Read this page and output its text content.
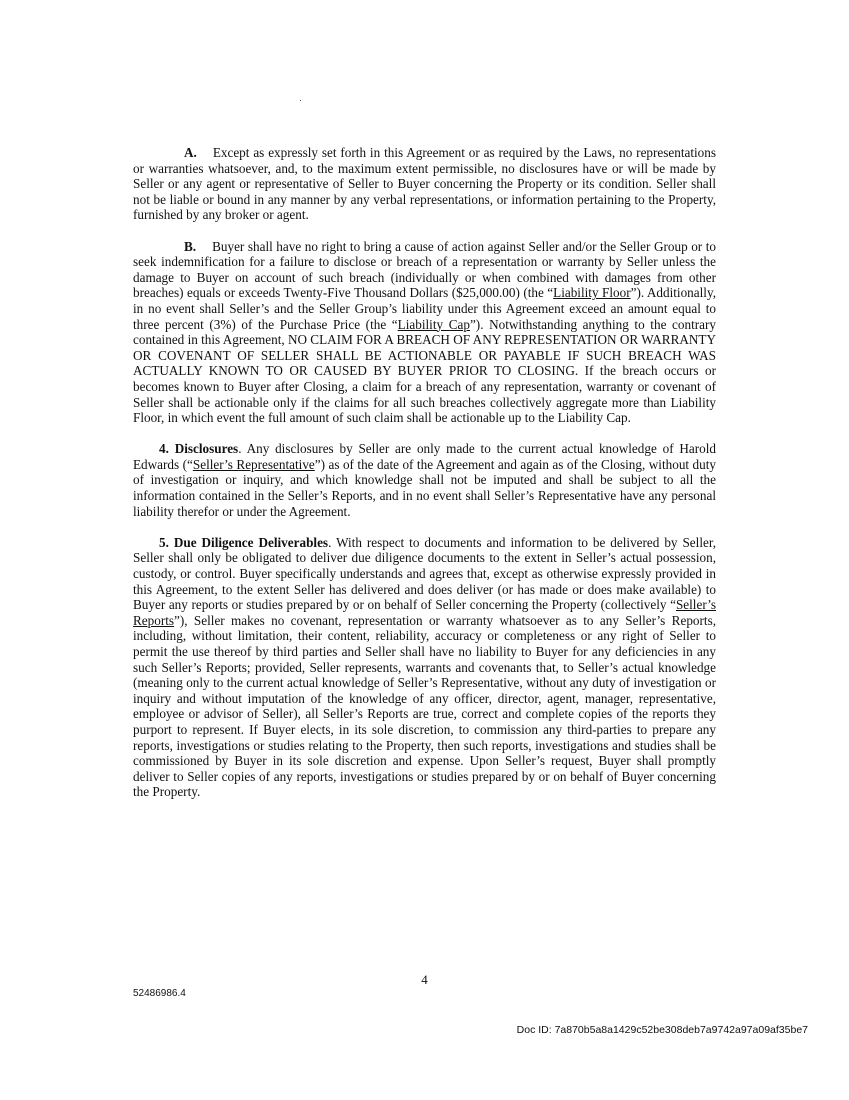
A. Except as expressly set forth in this Agreement or as required by the Laws, no representations or warranties whatsoever, and, to the maximum extent permissible, no disclosures have or will be made by Seller or any agent or representative of Seller to Buyer concerning the Property or its condition. Seller shall not be liable or bound in any manner by any verbal representations, or information pertaining to the Property, furnished by any broker or agent.

B. Buyer shall have no right to bring a cause of action against Seller and/or the Seller Group or to seek indemnification for a failure to disclose or breach of a representation or warranty by Seller unless the damage to Buyer on account of such breach (individually or when combined with damages from other breaches) equals or exceeds Twenty-Five Thousand Dollars ($25,000.00) (the “Liability Floor”). Additionally, in no event shall Seller’s and the Seller Group’s liability under this Agreement exceed an amount equal to three percent (3%) of the Purchase Price (the “Liability Cap”). Notwithstanding anything to the contrary contained in this Agreement, NO CLAIM FOR A BREACH OF ANY REPRESENTATION OR WARRANTY OR COVENANT OF SELLER SHALL BE ACTIONABLE OR PAYABLE IF SUCH BREACH WAS ACTUALLY KNOWN TO OR CAUSED BY BUYER PRIOR TO CLOSING. If the breach occurs or becomes known to Buyer after Closing, a claim for a breach of any representation, warranty or covenant of Seller shall be actionable only if the claims for all such breaches collectively aggregate more than Liability Floor, in which event the full amount of such claim shall be actionable up to the Liability Cap.

4. Disclosures. Any disclosures by Seller are only made to the current actual knowledge of Harold Edwards (“Seller’s Representative”) as of the date of the Agreement and again as of the Closing, without duty of investigation or inquiry, and which knowledge shall not be imputed and shall be subject to all the information contained in the Seller’s Reports, and in no event shall Seller’s Representative have any personal liability therefor or under the Agreement.

5. Due Diligence Deliverables. With respect to documents and information to be delivered by Seller, Seller shall only be obligated to deliver due diligence documents to the extent in Seller’s actual possession, custody, or control. Buyer specifically understands and agrees that, except as otherwise expressly provided in this Agreement, to the extent Seller has delivered and does deliver (or has made or does make available) to Buyer any reports or studies prepared by or on behalf of Seller concerning the Property (collectively “Seller’s Reports”), Seller makes no covenant, representation or warranty whatsoever as to any Seller’s Reports, including, without limitation, their content, reliability, accuracy or completeness or any right of Seller to permit the use thereof by third parties and Seller shall have no liability to Buyer for any deficiencies in any such Seller’s Reports; provided, Seller represents, warrants and covenants that, to Seller’s actual knowledge (meaning only to the current actual knowledge of Seller’s Representative, without any duty of investigation or inquiry and without imputation of the knowledge of any officer, director, agent, manager, representative, employee or advisor of Seller), all Seller’s Reports are true, correct and complete copies of the reports they purport to represent. If Buyer elects, in its sole discretion, to commission any third-parties to prepare any reports, investigations or studies relating to the Property, then such reports, investigations and studies shall be commissioned by Buyer in its sole discretion and expense. Upon Seller’s request, Buyer shall promptly deliver to Seller copies of any reports, investigations or studies prepared by or on behalf of Buyer concerning the Property.

4
52486986.4
Doc ID: 7a870b5a8a1429c52be308deb7a9742a97a09af35be7
